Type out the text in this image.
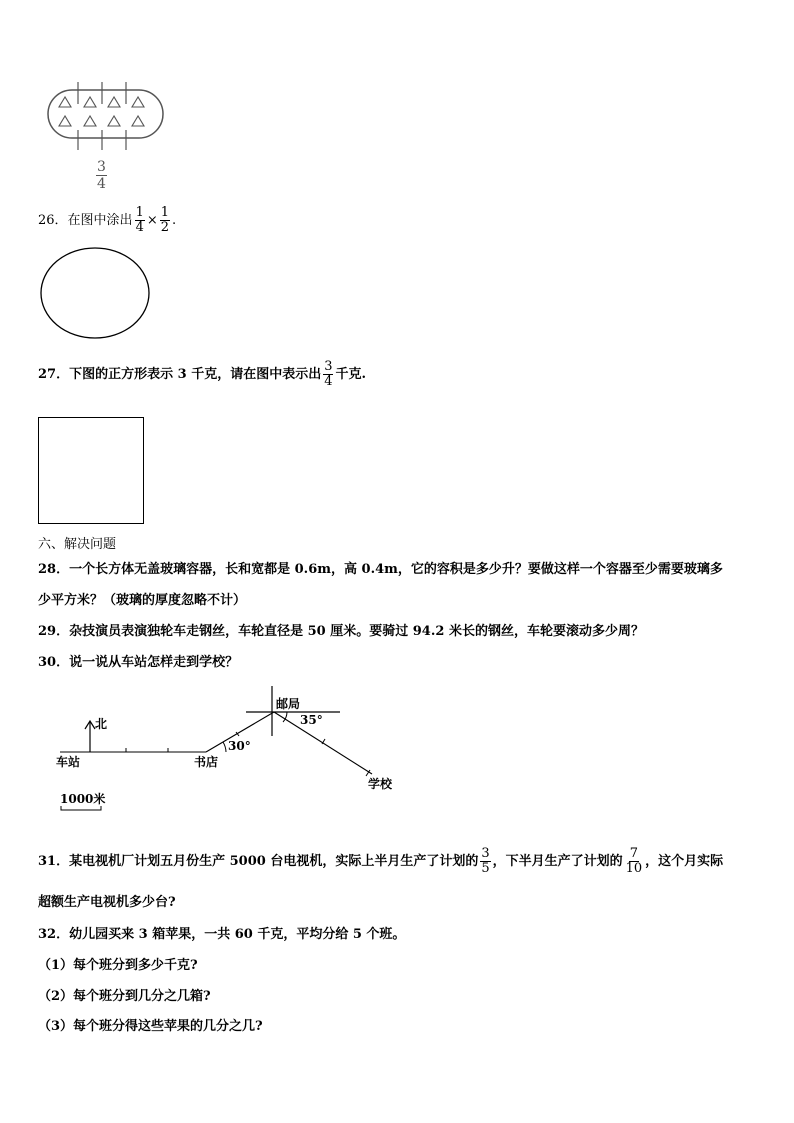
$\frac{3}{4}$
26．在图中涂出 $\frac{1}{4} \times \frac{1}{2}$ .
27．下图的正方形表示 3 千克，请在图中表示出 $\frac{3}{4}$ 千克.
六、解决问题
28．一个长方体无盖玻璃容器，长和宽都是 0.6m，高 0.4m，它的容积是多少升？要做这样一个容器至少需要玻璃多
少平方米？（玻璃的厚度忽略不计）
29．杂技演员表演独轮车走钢丝，车轮直径是 50 厘米。要骑过 94.2 米长的钢丝，车轮要滚动多少周？
30．说一说从车站怎样走到学校？
北
车站	书店
30°
邮局
35°
学校
1000米
31．某电视机厂计划五月份生产 5000 台电视机，实际上半月生产了计划的 $\frac{3}{5}$ ，下半月生产了计划的 $\frac{7}{10}$ ，这个月实际
超额生产电视机多少台?
32．幼儿园买来 3 箱苹果，一共 60 千克，平均分给 5 个班。
（1）每个班分到多少千克?
（2）每个班分到几分之几箱?
（3）每个班分得这些苹果的几分之几?
